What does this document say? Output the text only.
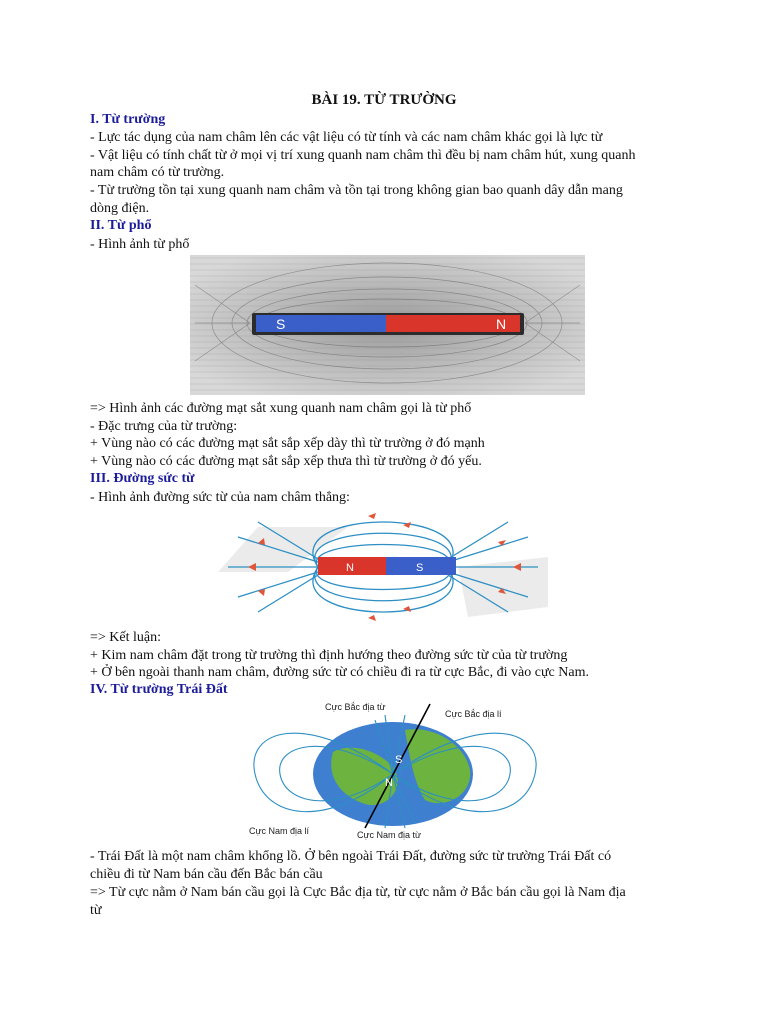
BÀI 19. TỪ TRƯỜNG
I. Từ trường
- Lực tác dụng của nam châm lên các vật liệu có từ tính và các nam châm khác gọi là lực từ
- Vật liệu có tính chất từ ở mọi vị trí xung quanh nam châm thì đều bị nam châm hút, xung quanh
nam châm có từ trường.
- Từ trường tồn tại xung quanh nam châm và tồn tại trong không gian bao quanh dây dẫn mang
dòng điện.
II. Từ phổ
- Hình ảnh từ phổ
S	N
=> Hình ảnh các đường mạt sắt xung quanh nam châm gọi là từ phổ
- Đặc trưng của từ trường:
+ Vùng nào có các đường mạt sắt sắp xếp dày thì từ trường ở đó mạnh
+ Vùng nào có các đường mạt sắt sắp xếp thưa thì từ trường ở đó yếu.
III. Đường sức từ
- Hình ảnh đường sức từ của nam châm thẳng:
N	S
=> Kết luận:
+ Kim nam châm đặt trong từ trường thì định hướng theo đường sức từ của từ trường
+ Ở bên ngoài thanh nam châm, đường sức từ có chiều đi ra từ cực Bắc, đi vào cực Nam.
IV. Từ trường Trái Đất
Cực Bắc địa từ
Cực Bắc địa lí
Cực Nam địa lí	Cực Nam địa từ
S
N
- Trái Đất là một nam châm khổng lồ. Ở bên ngoài Trái Đất, đường sức từ trường Trái Đất có
chiều đi từ Nam bán cầu đến Bắc bán cầu
=> Từ cực nằm ở Nam bán cầu gọi là Cực Bắc địa từ, từ cực nằm ở Bắc bán cầu gọi là Nam địa
từ
